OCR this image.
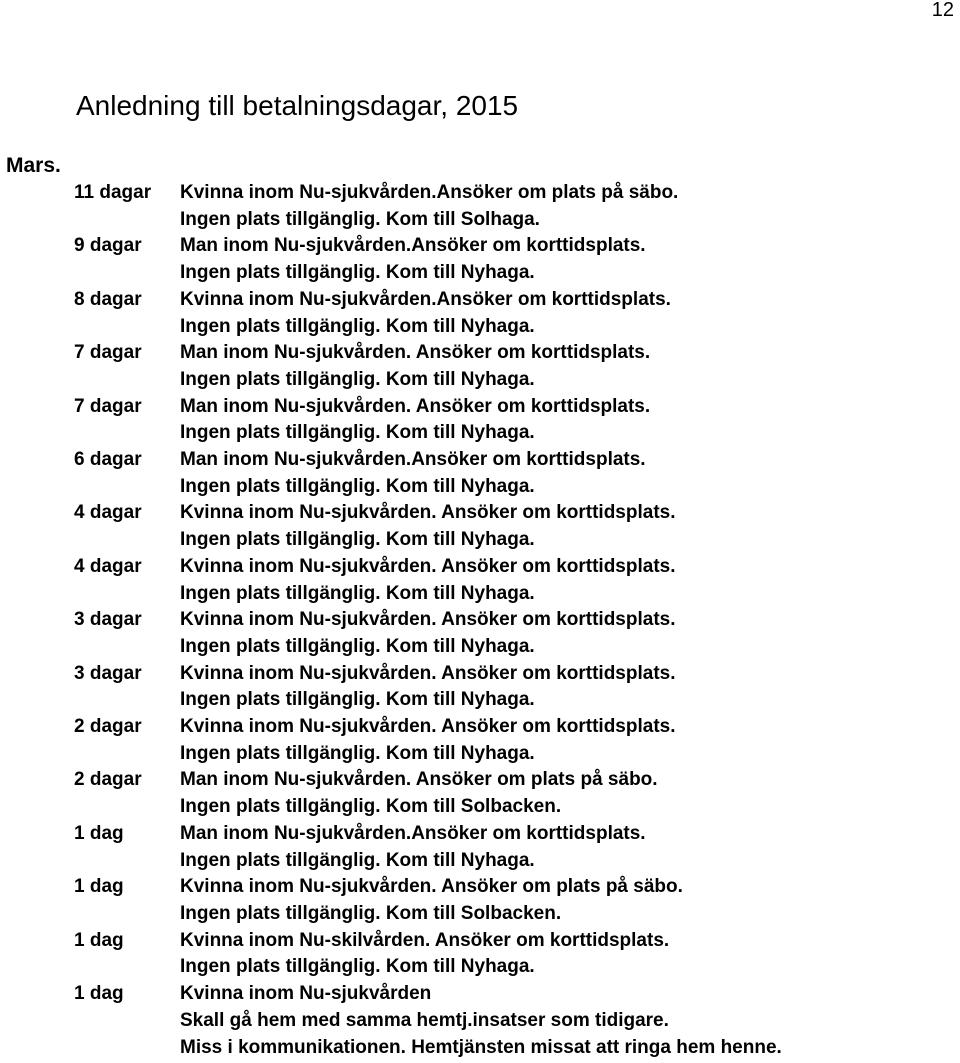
12
Anledning till betalningsdagar, 2015
Mars.
11 dagar	Kvinna inom Nu-sjukvården.Ansöker om plats på säbo.
Ingen plats tillgänglig. Kom till Solhaga.
9 dagar	Man inom Nu-sjukvården.Ansöker om korttidsplats.
Ingen plats tillgänglig. Kom till Nyhaga.
8 dagar	Kvinna inom Nu-sjukvården.Ansöker om korttidsplats.
Ingen plats tillgänglig. Kom till Nyhaga.
7 dagar	Man inom Nu-sjukvården. Ansöker om korttidsplats.
Ingen plats tillgänglig. Kom till Nyhaga.
7 dagar	Man inom Nu-sjukvården. Ansöker om korttidsplats.
Ingen plats tillgänglig. Kom till Nyhaga.
6 dagar	Man inom Nu-sjukvården.Ansöker om korttidsplats.
Ingen plats tillgänglig. Kom till Nyhaga.
4 dagar	Kvinna inom Nu-sjukvården. Ansöker om korttidsplats.
Ingen plats tillgänglig. Kom till Nyhaga.
4 dagar	Kvinna inom Nu-sjukvården. Ansöker om korttidsplats.
Ingen plats tillgänglig. Kom till Nyhaga.
3 dagar	Kvinna inom Nu-sjukvården. Ansöker om korttidsplats.
Ingen plats tillgänglig. Kom till Nyhaga.
3 dagar	Kvinna inom Nu-sjukvården. Ansöker om korttidsplats.
Ingen plats tillgänglig. Kom till Nyhaga.
2 dagar	Kvinna inom Nu-sjukvården. Ansöker om korttidsplats.
Ingen plats tillgänglig. Kom till Nyhaga.
2 dagar	Man inom Nu-sjukvården. Ansöker om plats på säbo.
Ingen plats tillgänglig. Kom till Solbacken.
1 dag	Man inom Nu-sjukvården.Ansöker om korttidsplats.
Ingen plats tillgänglig. Kom till Nyhaga.
1 dag	Kvinna inom Nu-sjukvården. Ansöker om plats på säbo.
Ingen plats tillgänglig. Kom till Solbacken.
1 dag	Kvinna inom Nu-skilvården. Ansöker om korttidsplats.
Ingen plats tillgänglig. Kom till Nyhaga.
1 dag	Kvinna inom Nu-sjukvården
Skall gå hem med samma hemtj.insatser som tidigare.
Miss i kommunikationen. Hemtjänsten missat att ringa hem henne.
